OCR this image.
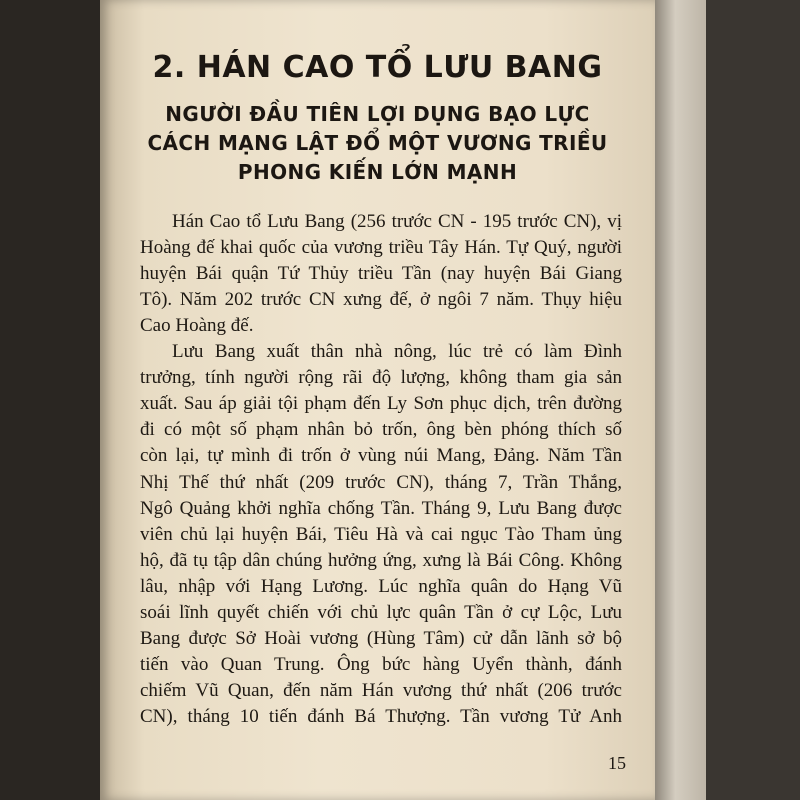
2. HÁN CAO TỔ LƯU BANG
NGƯỜI ĐẦU TIÊN LỢI DỤNG BẠO LỰC
CÁCH MẠNG LẬT ĐỔ MỘT VƯƠNG TRIỀU
PHONG KIẾN LỚN MẠNH
Hán Cao tổ Lưu Bang (256 trước CN - 195 trước CN), vị
Hoàng đế khai quốc của vương triều Tây Hán. Tự Quý, người
huyện Bái quận Tứ Thủy triều Tần (nay huyện Bái Giang
Tô). Năm 202 trước CN xưng đế, ở ngôi 7 năm. Thụy hiệu
Cao Hoàng đế.
Lưu Bang xuất thân nhà nông, lúc trẻ có làm Đình
trưởng, tính người rộng rãi độ lượng, không tham gia sản
xuất. Sau áp giải tội phạm đến Ly Sơn phục dịch, trên đường
đi có một số phạm nhân bỏ trốn, ông bèn phóng thích số
còn lại, tự mình đi trốn ở vùng núi Mang, Đảng. Năm Tần
Nhị Thế thứ nhất (209 trước CN), tháng 7, Trần Thắng,
Ngô Quảng khởi nghĩa chống Tần. Tháng 9, Lưu Bang được
viên chủ lại huyện Bái, Tiêu Hà và cai ngục Tào Tham ủng
hộ, đã tụ tập dân chúng hưởng ứng, xưng là Bái Công. Không
lâu, nhập với Hạng Lương. Lúc nghĩa quân do Hạng Vũ
soái lĩnh quyết chiến với chủ lực quân Tần ở cự Lộc, Lưu
Bang được Sở Hoài vương (Hùng Tâm) cử dẫn lãnh sở bộ
tiến vào Quan Trung. Ông bức hàng Uyển thành, đánh
chiếm Vũ Quan, đến năm Hán vương thứ nhất (206 trước
CN), tháng 10 tiến đánh Bá Thượng. Tần vương Tử Anh
15
